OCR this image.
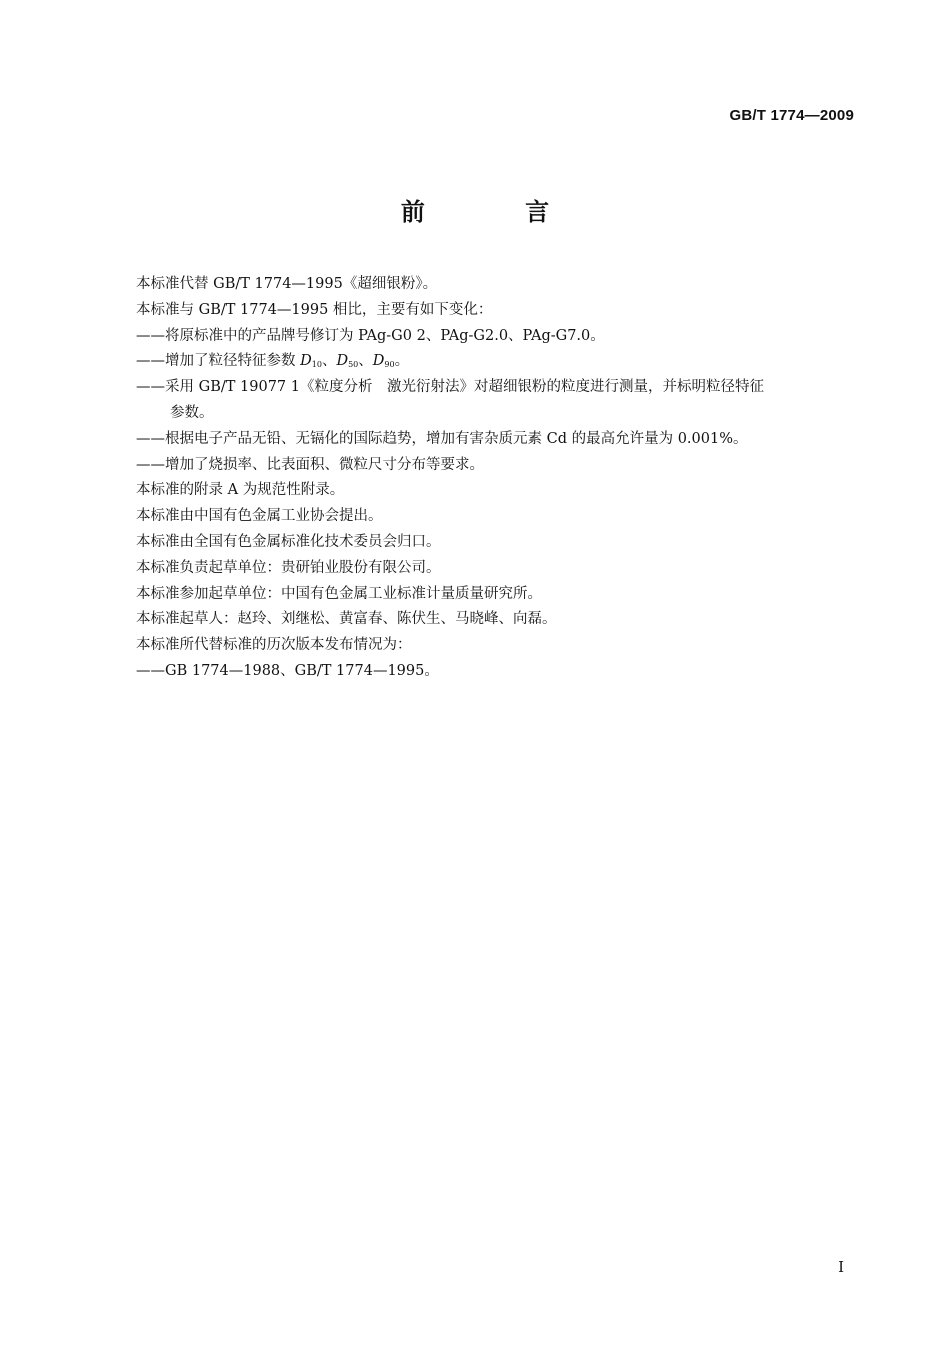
GB/T 1774—2009
前 言
本标准代替 GB/T 1774—1995《超细银粉》。
本标准与 GB/T 1774—1995 相比，主要有如下变化：
——将原标准中的产品牌号修订为 PAg-G0 2、PAg-G2.0、PAg-G7.0。
——增加了粒径特征参数 $D_{10}$、$D_{50}$、$D_{90}$。
——采用 GB/T 19077 1《粒度分析　激光衍射法》对超细银粉的粒度进行测量，并标明粒径特征
参数。
——根据电子产品无铅、无镉化的国际趋势，增加有害杂质元素 Cd 的最高允许量为 0.001%。
——增加了烧损率、比表面积、微粒尺寸分布等要求。
本标准的附录 A 为规范性附录。
本标准由中国有色金属工业协会提出。
本标准由全国有色金属标准化技术委员会归口。
本标准负责起草单位：贵研铂业股份有限公司。
本标准参加起草单位：中国有色金属工业标准计量质量研究所。
本标准起草人：赵玲、刘继松、黄富春、陈伏生、马晓峰、向磊。
本标准所代替标准的历次版本发布情况为：
——GB 1774—1988、GB/T 1774—1995。
I
